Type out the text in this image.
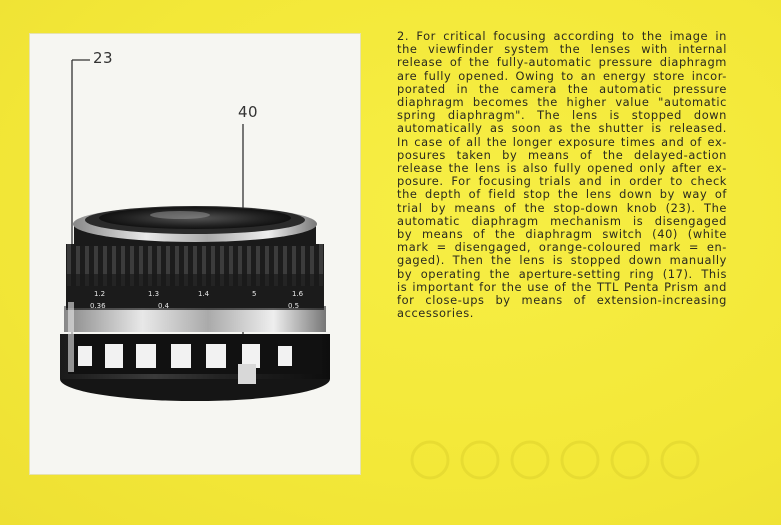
1.2	1.3	1.4	5	1.6
0.36	0.4	0.5
23
40
2. For critical focusing according to the image in
the viewfinder system the lenses with internal
release of the fully-automatic pressure diaphragm
are fully opened. Owing to an energy store incor-
porated in the camera the automatic pressure
diaphragm becomes the higher value "automatic
spring diaphragm". The lens is stopped down
automatically as soon as the shutter is released.
In case of all the longer exposure times and of ex-
posures taken by means of the delayed-action
release the lens is also fully opened only after ex-
posure. For focusing trials and in order to check
the depth of field stop the lens down by way of
trial by means of the stop-down knob (23). The
automatic diaphragm mechanism is disengaged
by means of the diaphragm switch (40) (white
mark = disengaged, orange-coloured mark = en-
gaged). Then the lens is stopped down manually
by operating the aperture-setting ring (17). This
is important for the use of the TTL Penta Prism and
for close-ups by means of extension-increasing
accessories.
